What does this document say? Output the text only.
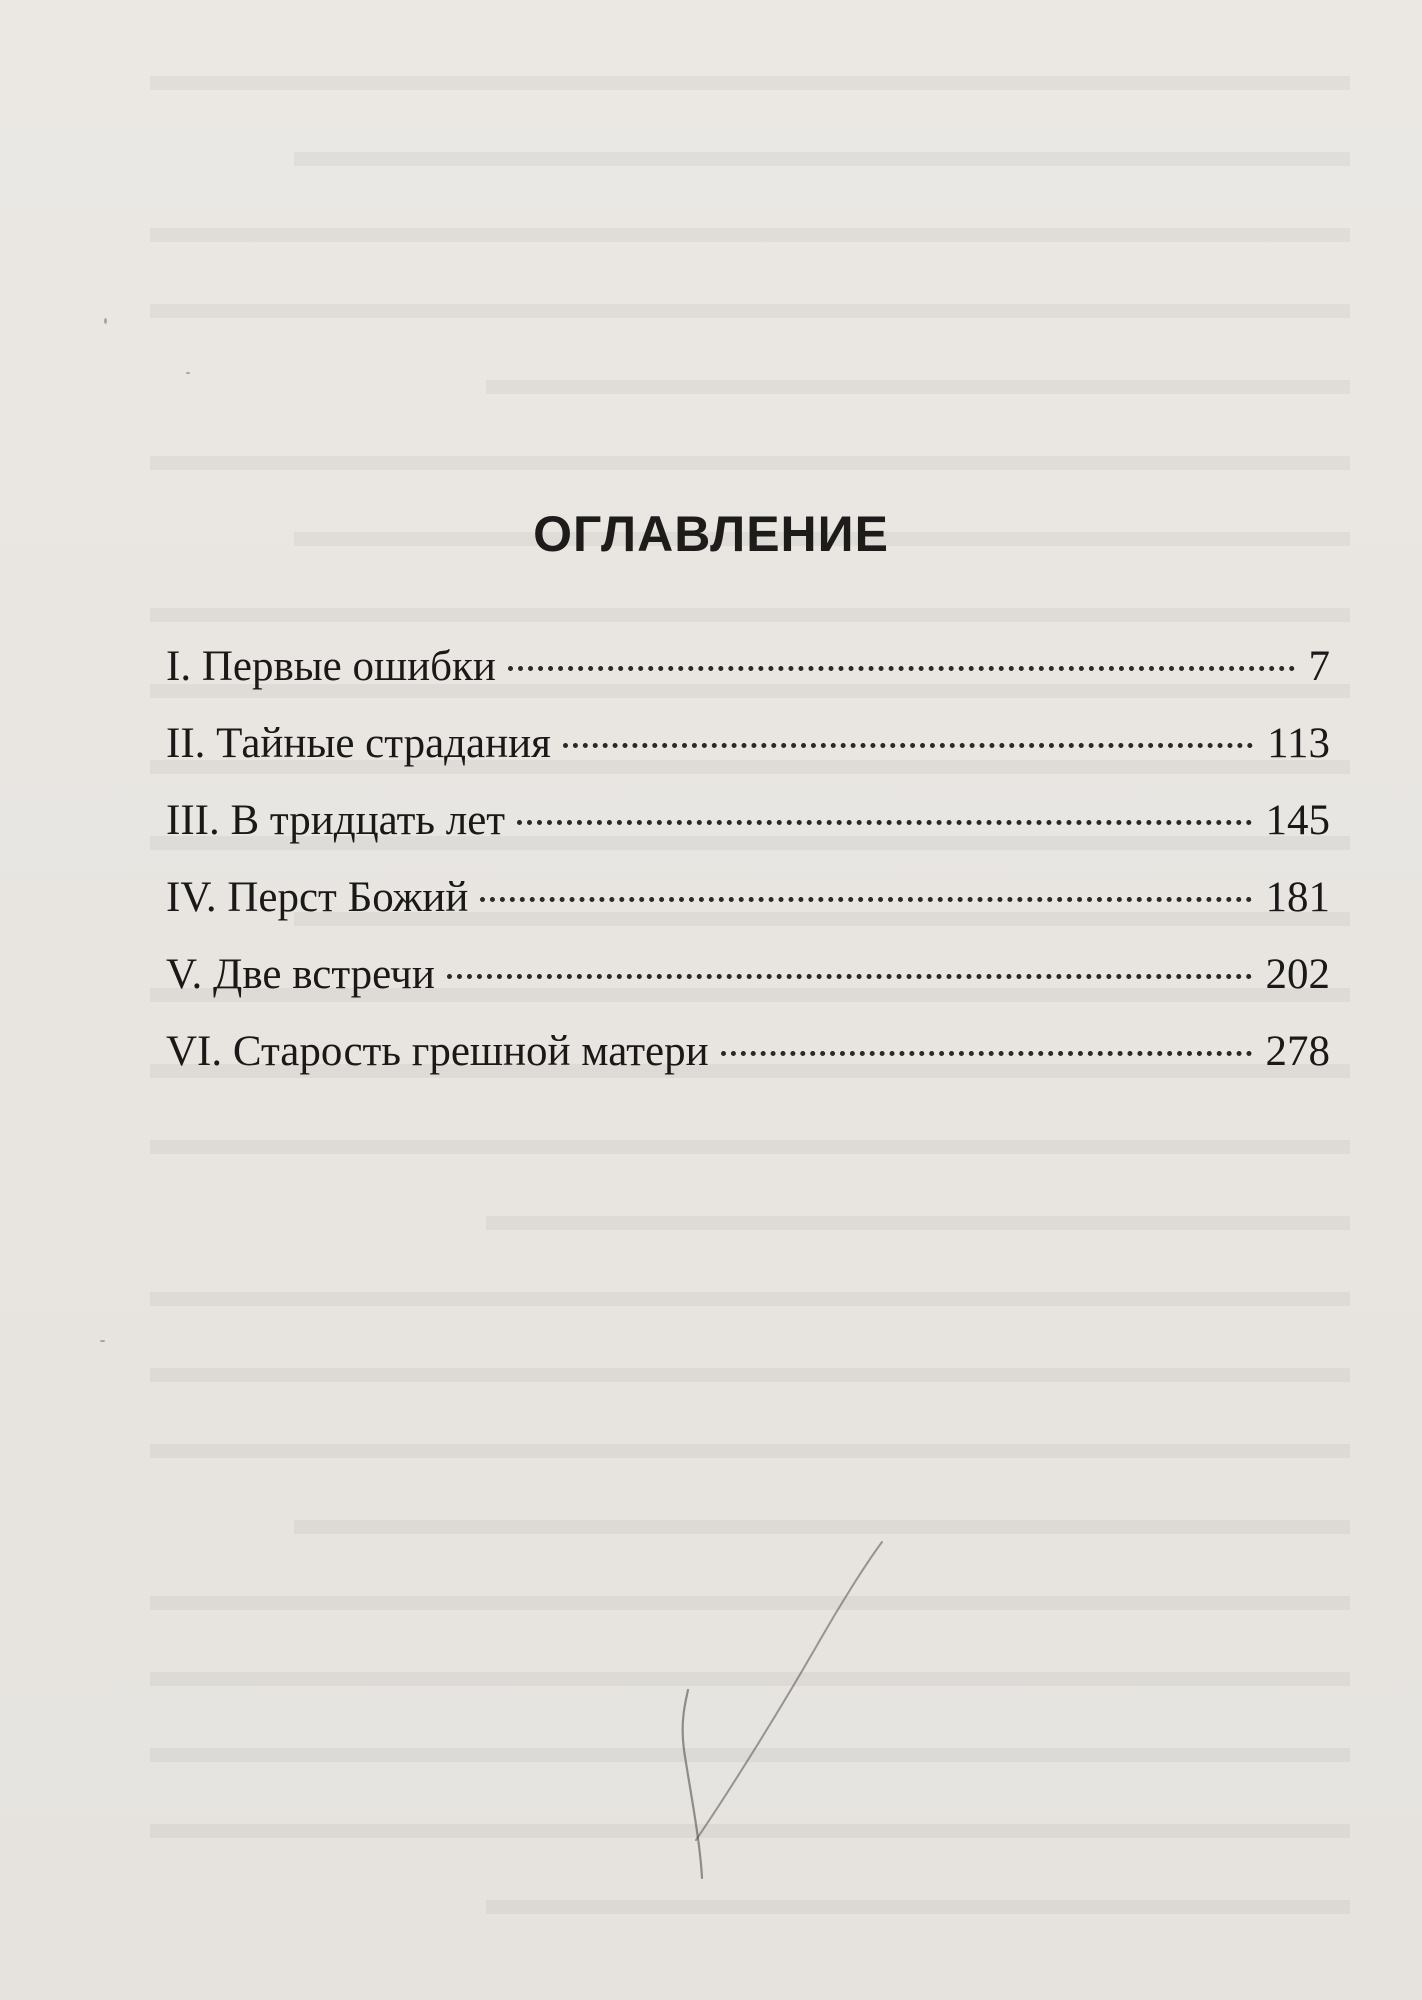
ОГЛАВЛЕНИЕ
I. Первые ошибки	7
II. Тайные страдания	113
III. В тридцать лет	145
IV. Перст Божий	181
V. Две встречи	202
VI. Старость грешной матери	278
